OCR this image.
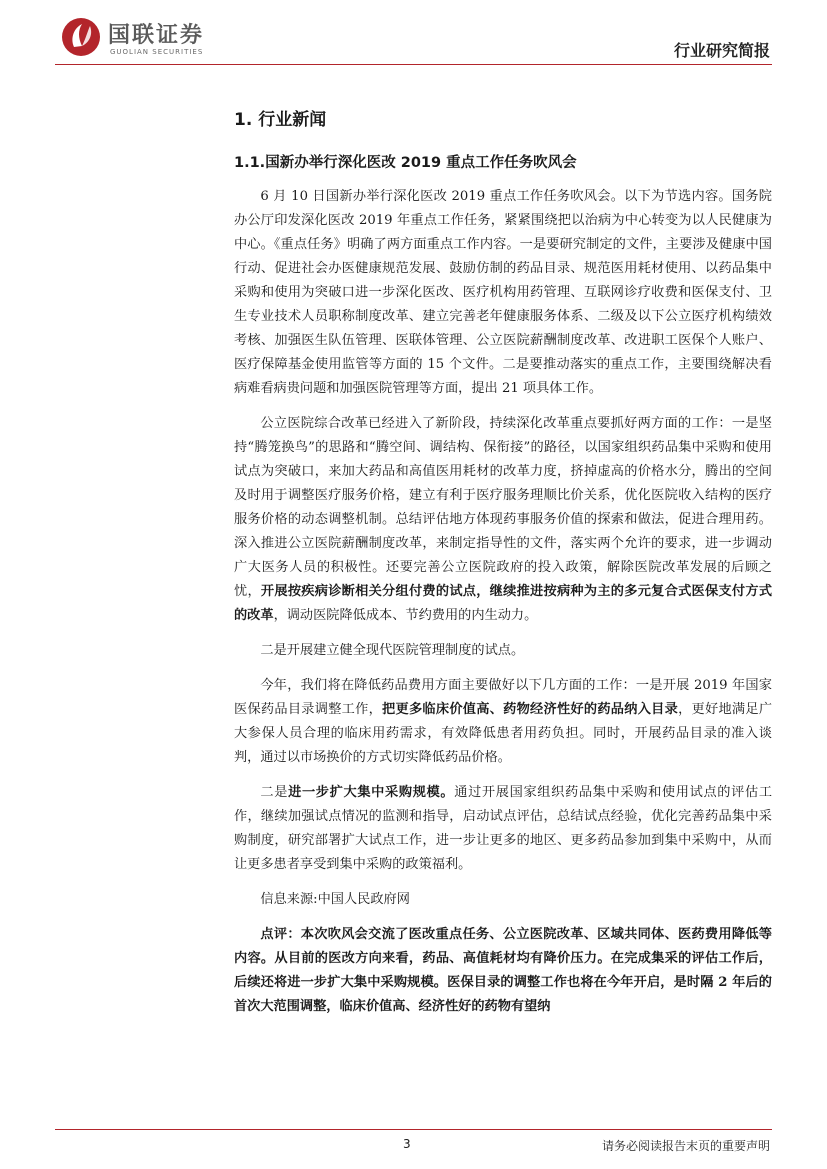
国联证券
GUOLIAN SECURITIES	行业研究简报
1. 行业新闻
1.1.国新办举行深化医改 2019 重点工作任务吹风会

6 月 10 日国新办举行深化医改 2019 重点工作任务吹风会。以下为节选内容。国务院办公厅印发深化医改 2019 年重点工作任务，紧紧围绕把以治病为中心转变为以人民健康为中心。《重点任务》明确了两方面重点工作内容。一是要研究制定的文件，主要涉及健康中国行动、促进社会办医健康规范发展、鼓励仿制的药品目录、规范医用耗材使用、以药品集中采购和使用为突破口进一步深化医改、医疗机构用药管理、互联网诊疗收费和医保支付、卫生专业技术人员职称制度改革、建立完善老年健康服务体系、二级及以下公立医疗机构绩效考核、加强医生队伍管理、医联体管理、公立医院薪酬制度改革、改进职工医保个人账户、医疗保障基金使用监管等方面的 15 个文件。二是要推动落实的重点工作，主要围绕解决看病难看病贵问题和加强医院管理等方面，提出 21 项具体工作。

公立医院综合改革已经进入了新阶段，持续深化改革重点要抓好两方面的工作：一是坚持“腾笼换鸟”的思路和“腾空间、调结构、保衔接”的路径，以国家组织药品集中采购和使用试点为突破口，来加大药品和高值医用耗材的改革力度，挤掉虚高的价格水分，腾出的空间及时用于调整医疗服务价格，建立有利于医疗服务理顺比价关系，优化医院收入结构的医疗服务价格的动态调整机制。总结评估地方体现药事服务价值的探索和做法，促进合理用药。深入推进公立医院薪酬制度改革，来制定指导性的文件，落实两个允许的要求，进一步调动广大医务人员的积极性。还要完善公立医院政府的投入政策，解除医院改革发展的后顾之忧，开展按疾病诊断相关分组付费的试点，继续推进按病种为主的多元复合式医保支付方式的改革，调动医院降低成本、节约费用的内生动力。

二是开展建立健全现代医院管理制度的试点。

今年，我们将在降低药品费用方面主要做好以下几方面的工作：一是开展 2019 年国家医保药品目录调整工作，把更多临床价值高、药物经济性好的药品纳入目录，更好地满足广大参保人员合理的临床用药需求，有效降低患者用药负担。同时，开展药品目录的准入谈判，通过以市场换价的方式切实降低药品价格。

二是进一步扩大集中采购规模。通过开展国家组织药品集中采购和使用试点的评估工作，继续加强试点情况的监测和指导，启动试点评估，总结试点经验，优化完善药品集中采购制度，研究部署扩大试点工作，进一步让更多的地区、更多药品参加到集中采购中，从而让更多患者享受到集中采购的政策福利。

信息来源:中国人民政府网

点评：本次吹风会交流了医改重点任务、公立医院改革、区域共同体、医药费用降低等内容。从目前的医改方向来看，药品、高值耗材均有降价压力。在完成集采的评估工作后，后续还将进一步扩大集中采购规模。医保目录的调整工作也将在今年开启，是时隔 2 年后的首次大范围调整，临床价值高、经济性好的药物有望纳

3	请务必阅读报告末页的重要声明
